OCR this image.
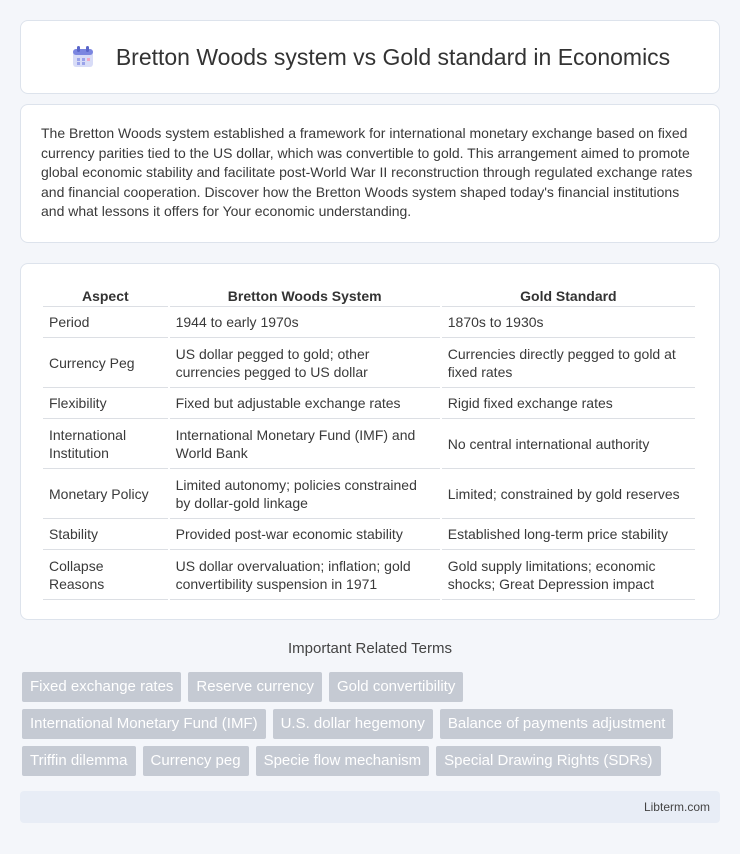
Bretton Woods system vs Gold standard in Economics

The Bretton Woods system established a framework for international monetary exchange based on fixed currency parities tied to the US dollar, which was convertible to gold. This arrangement aimed to promote global economic stability and facilitate post-World War II reconstruction through regulated exchange rates and financial cooperation. Discover how the Bretton Woods system shaped today's financial institutions and what lessons it offers for Your economic understanding.

Aspect	Bretton Woods System	Gold Standard
Period	1944 to early 1970s	1870s to 1930s
Currency Peg	US dollar pegged to gold; other currencies pegged to US dollar	Currencies directly pegged to gold at fixed rates
Flexibility	Fixed but adjustable exchange rates	Rigid fixed exchange rates
International Institution	International Monetary Fund (IMF) and World Bank	No central international authority
Monetary Policy	Limited autonomy; policies constrained by dollar-gold linkage	Limited; constrained by gold reserves
Stability	Provided post-war economic stability	Established long-term price stability
Collapse Reasons	US dollar overvaluation; inflation; gold convertibility suspension in 1971	Gold supply limitations; economic shocks; Great Depression impact
Important Related Terms
Fixed exchange rates	Reserve currency	Gold convertibility
International Monetary Fund (IMF)	U.S. dollar hegemony	Balance of payments adjustment
Triffin dilemma	Currency peg	Specie flow mechanism	Special Drawing Rights (SDRs)
Libterm.com
